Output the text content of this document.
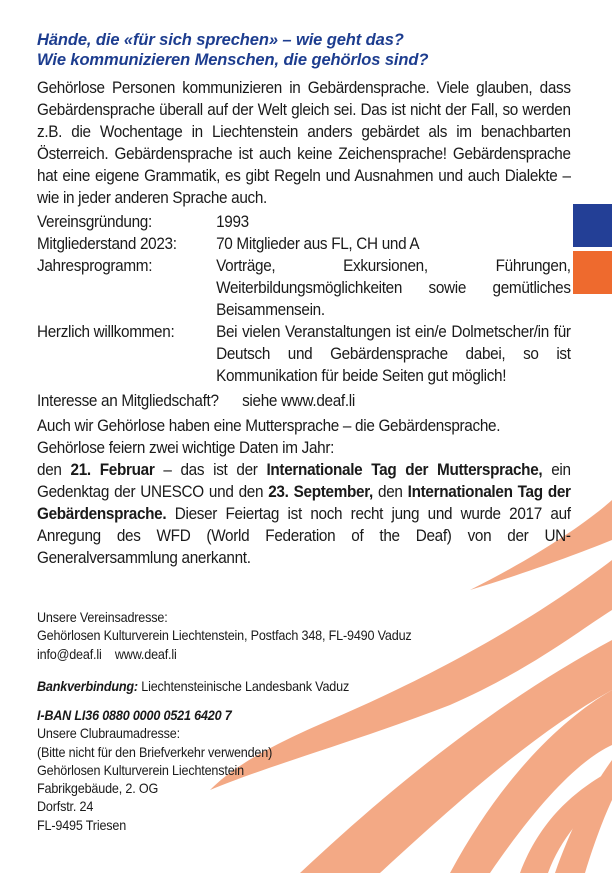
Hände, die «für sich sprechen» – wie geht das?
Wie kommunizieren Menschen, die gehörlos sind?
Gehörlose Personen kommunizieren in Gebärdensprache. Viele glauben, dass Gebärdensprache überall auf der Welt gleich sei. Das ist nicht der Fall, so werden z.B. die Wochentage in Liechtenstein anders gebärdet als im benachbarten Österreich. Gebärdensprache ist auch keine Zeichensprache! Gebärdensprache hat eine eigene Grammatik, es gibt Regeln und Ausnahmen und auch Dialekte – wie in jeder anderen Sprache auch.
Vereinsgründung:	1993
Mitgliederstand 2023:	70 Mitglieder aus FL, CH und A
Jahresprogramm:	Vorträge, Exkursionen, Führungen, Weiterbildungsmöglichkeiten sowie gemütliches Beisammensein.
Herzlich willkommen:	Bei vielen Veranstaltungen ist ein/e Dolmetscher/in für Deutsch und Gebärdensprache dabei, so ist Kommunikation für beide Seiten gut möglich!
Interesse an Mitgliedschaft? siehe www.deaf.li

Auch wir Gehörlose haben eine Muttersprache – die Gebärdensprache.

Gehörlose feiern zwei wichtige Daten im Jahr:

den 21. Februar – das ist der Internationale Tag der Muttersprache, ein Gedenktag der UNESCO und den 23. September, den Internationalen Tag der Gebärdensprache. Dieser Feiertag ist noch recht jung und wurde 2017 auf Anregung des WFD (World Federation of the Deaf) von der UN-Generalversammlung anerkannt.

Unsere Vereinsadresse:
Gehörlosen Kulturverein Liechtenstein, Postfach 348, FL-9490 Vaduz
info@deaf.li www.deaf.li
Bankverbindung: Liechtensteinische Landesbank Vaduz
I-BAN LI36 0880 0000 0521 6420 7
Unsere Clubraumadresse:
(Bitte nicht für den Briefverkehr verwenden)
Gehörlosen Kulturverein Liechtenstein
Fabrikgebäude, 2. OG
Dorfstr. 24
FL-9495 Triesen
